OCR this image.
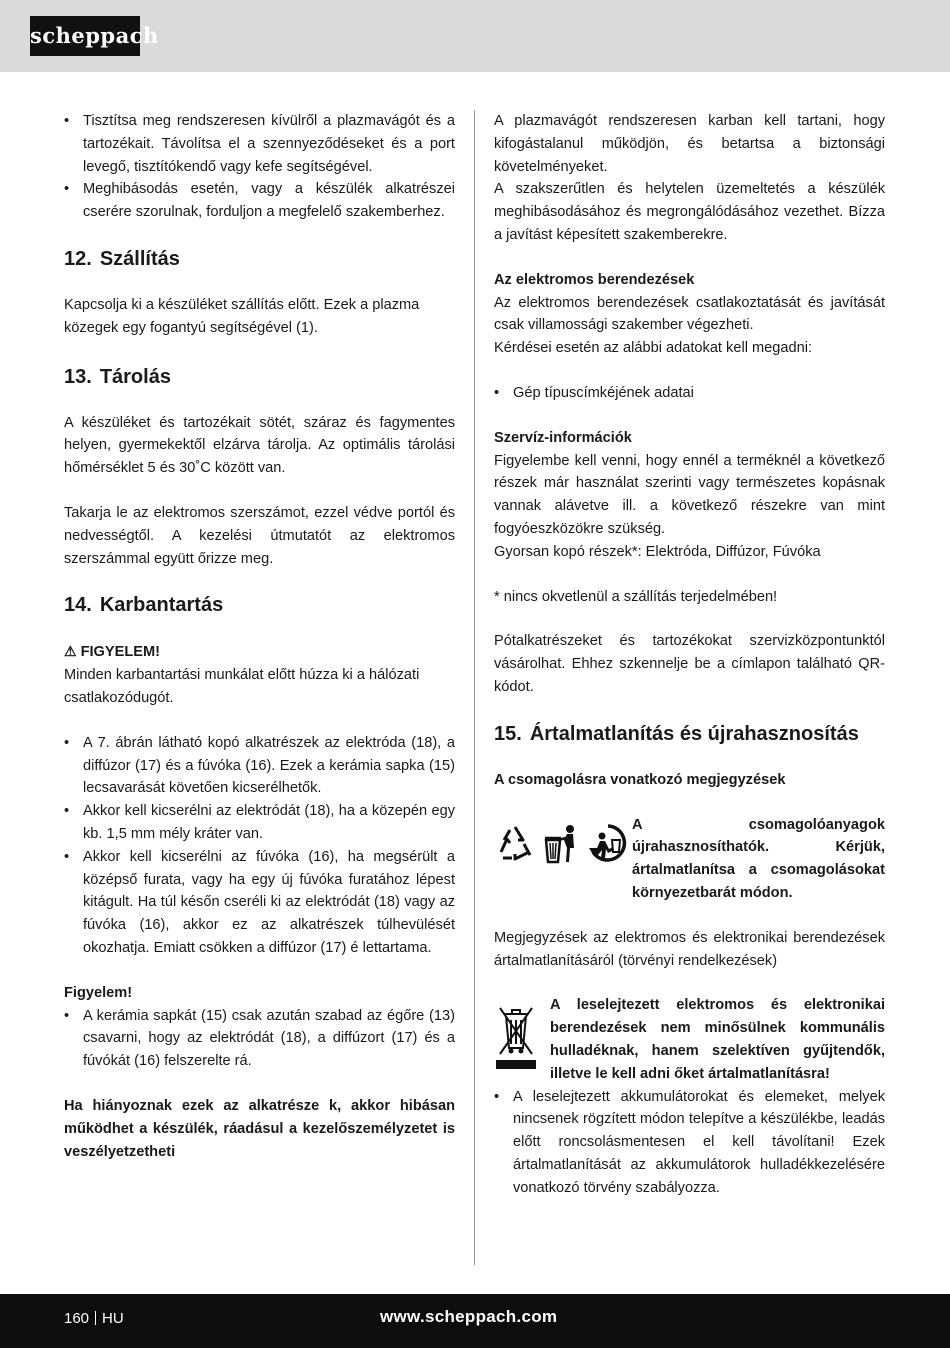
scheppach
• Tisztítsa meg rendszeresen kívülről a plazmavágót és a tartozékait. Távolítsa el a szennyeződéseket és a port levegő, tisztítókendő vagy kefe segítségével.
• Meghibásodás esetén, vagy a készülék alkatrészei cserére szorulnak, forduljon a megfelelő szakemberhez.
12. Szállítás

Kapcsolja ki a készüléket szállítás előtt. Ezek a plazma közegek egy fogantyú segítségével (1).

13. Tárolás

A készüléket és tartozékait sötét, száraz és fagymentes helyen, gyermekektől elzárva tárolja. Az optimális tárolási hőmérséklet 5 és 30˚C között van.

Takarja le az elektromos szerszámot, ezzel védve portól és nedvességtől. A kezelési útmutatót az elektromos szerszámmal együtt őrizze meg.

14. Karbantartás

⚠ FIGYELEM!

Minden karbantartási munkálat előtt húzza ki a hálózati csatlakozódugót.

• A 7. ábrán látható kopó alkatrészek az elektróda (18), a diffúzor (17) és a fúvóka (16). Ezek a kerámia sapka (15) lecsavarását követően kicserélhetők.
• Akkor kell kicserélni az elektródát (18), ha a közepén egy kb. 1,5 mm mély kráter van.
• Akkor kell kicserélni az fúvóka (16), ha megsérült a középső furata, vagy ha egy új fúvóka furatához lépest kitágult. Ha túl későn cseréli ki az elektródát (18) vagy az fúvóka (16), akkor ez az alkatrészek túlhevülését okozhatja. Emiatt csökken a diffúzor (17) é lettartama.

Figyelem!

• A kerámia sapkát (15) csak azután szabad az égőre (13) csavarni, hogy az elektródát (18), a diffúzort (17) és a fúvókát (16) felszerelte rá.

Ha hiányoznak ezek az alkatrésze k, akkor hibásan működhet a készülék, ráadásul a kezelőszemélyzetet is veszélyetzetheti

A plazmavágót rendszeresen karban kell tartani, hogy kifogástalanul működjön, és betartsa a biztonsági követelményeket.

A szakszerűtlen és helytelen üzemeltetés a készülék meghibásodásához és megrongálódásához vezethet. Bízza a javítást képesített szakemberekre.

Az elektromos berendezések

Az elektromos berendezések csatlakoztatását és javítását csak villamossági szakember végezheti.

Kérdései esetén az alábbi adatokat kell megadni:

• Gép típuscímkéjének adatai

Szervíz-információk

Figyelembe kell venni, hogy ennél a terméknél a következő részek már használat szerinti vagy természetes kopásnak vannak alávetve ill. a következő részekre van mint fogyóeszközökre szükség.

Gyorsan kopó részek*: Elektróda, Diffúzor, Fúvóka

* nincs okvetlenül a szállítás terjedelmében!

Pótalkatrészeket és tartozékokat szervizközpontunktól vásárolhat. Ehhez szkennelje be a címlapon található QR-kódot.

15. Ártalmatlanítás és újrahasznosítás

A csomagolásra vonatkozó megjegyzések

A csomagolóanyagok újrahasznosíthatók. Kérjük, ártalmatlanítsa a csomagolásokat környezetbarát módon.

Megjegyzések az elektromos és elektronikai berendezések ártalmatlanításáról (törvényi rendelkezések)

A leselejtezett elektromos és elektronikai berendezések nem minősülnek kommunális hulladéknak, hanem szelektíven gyűjtendők, illetve le kell adni őket ártalmatlanításra!

• A leselejtezett akkumulátorokat és elemeket, melyek nincsenek rögzített módon telepítve a készülékbe, leadás előtt roncsolásmentesen el kell távolítani! Ezek ártalmatlanítását az akkumulátorok hulladékkezelésére vonatkozó törvény szabályozza.
160 HU	www.scheppach.com
